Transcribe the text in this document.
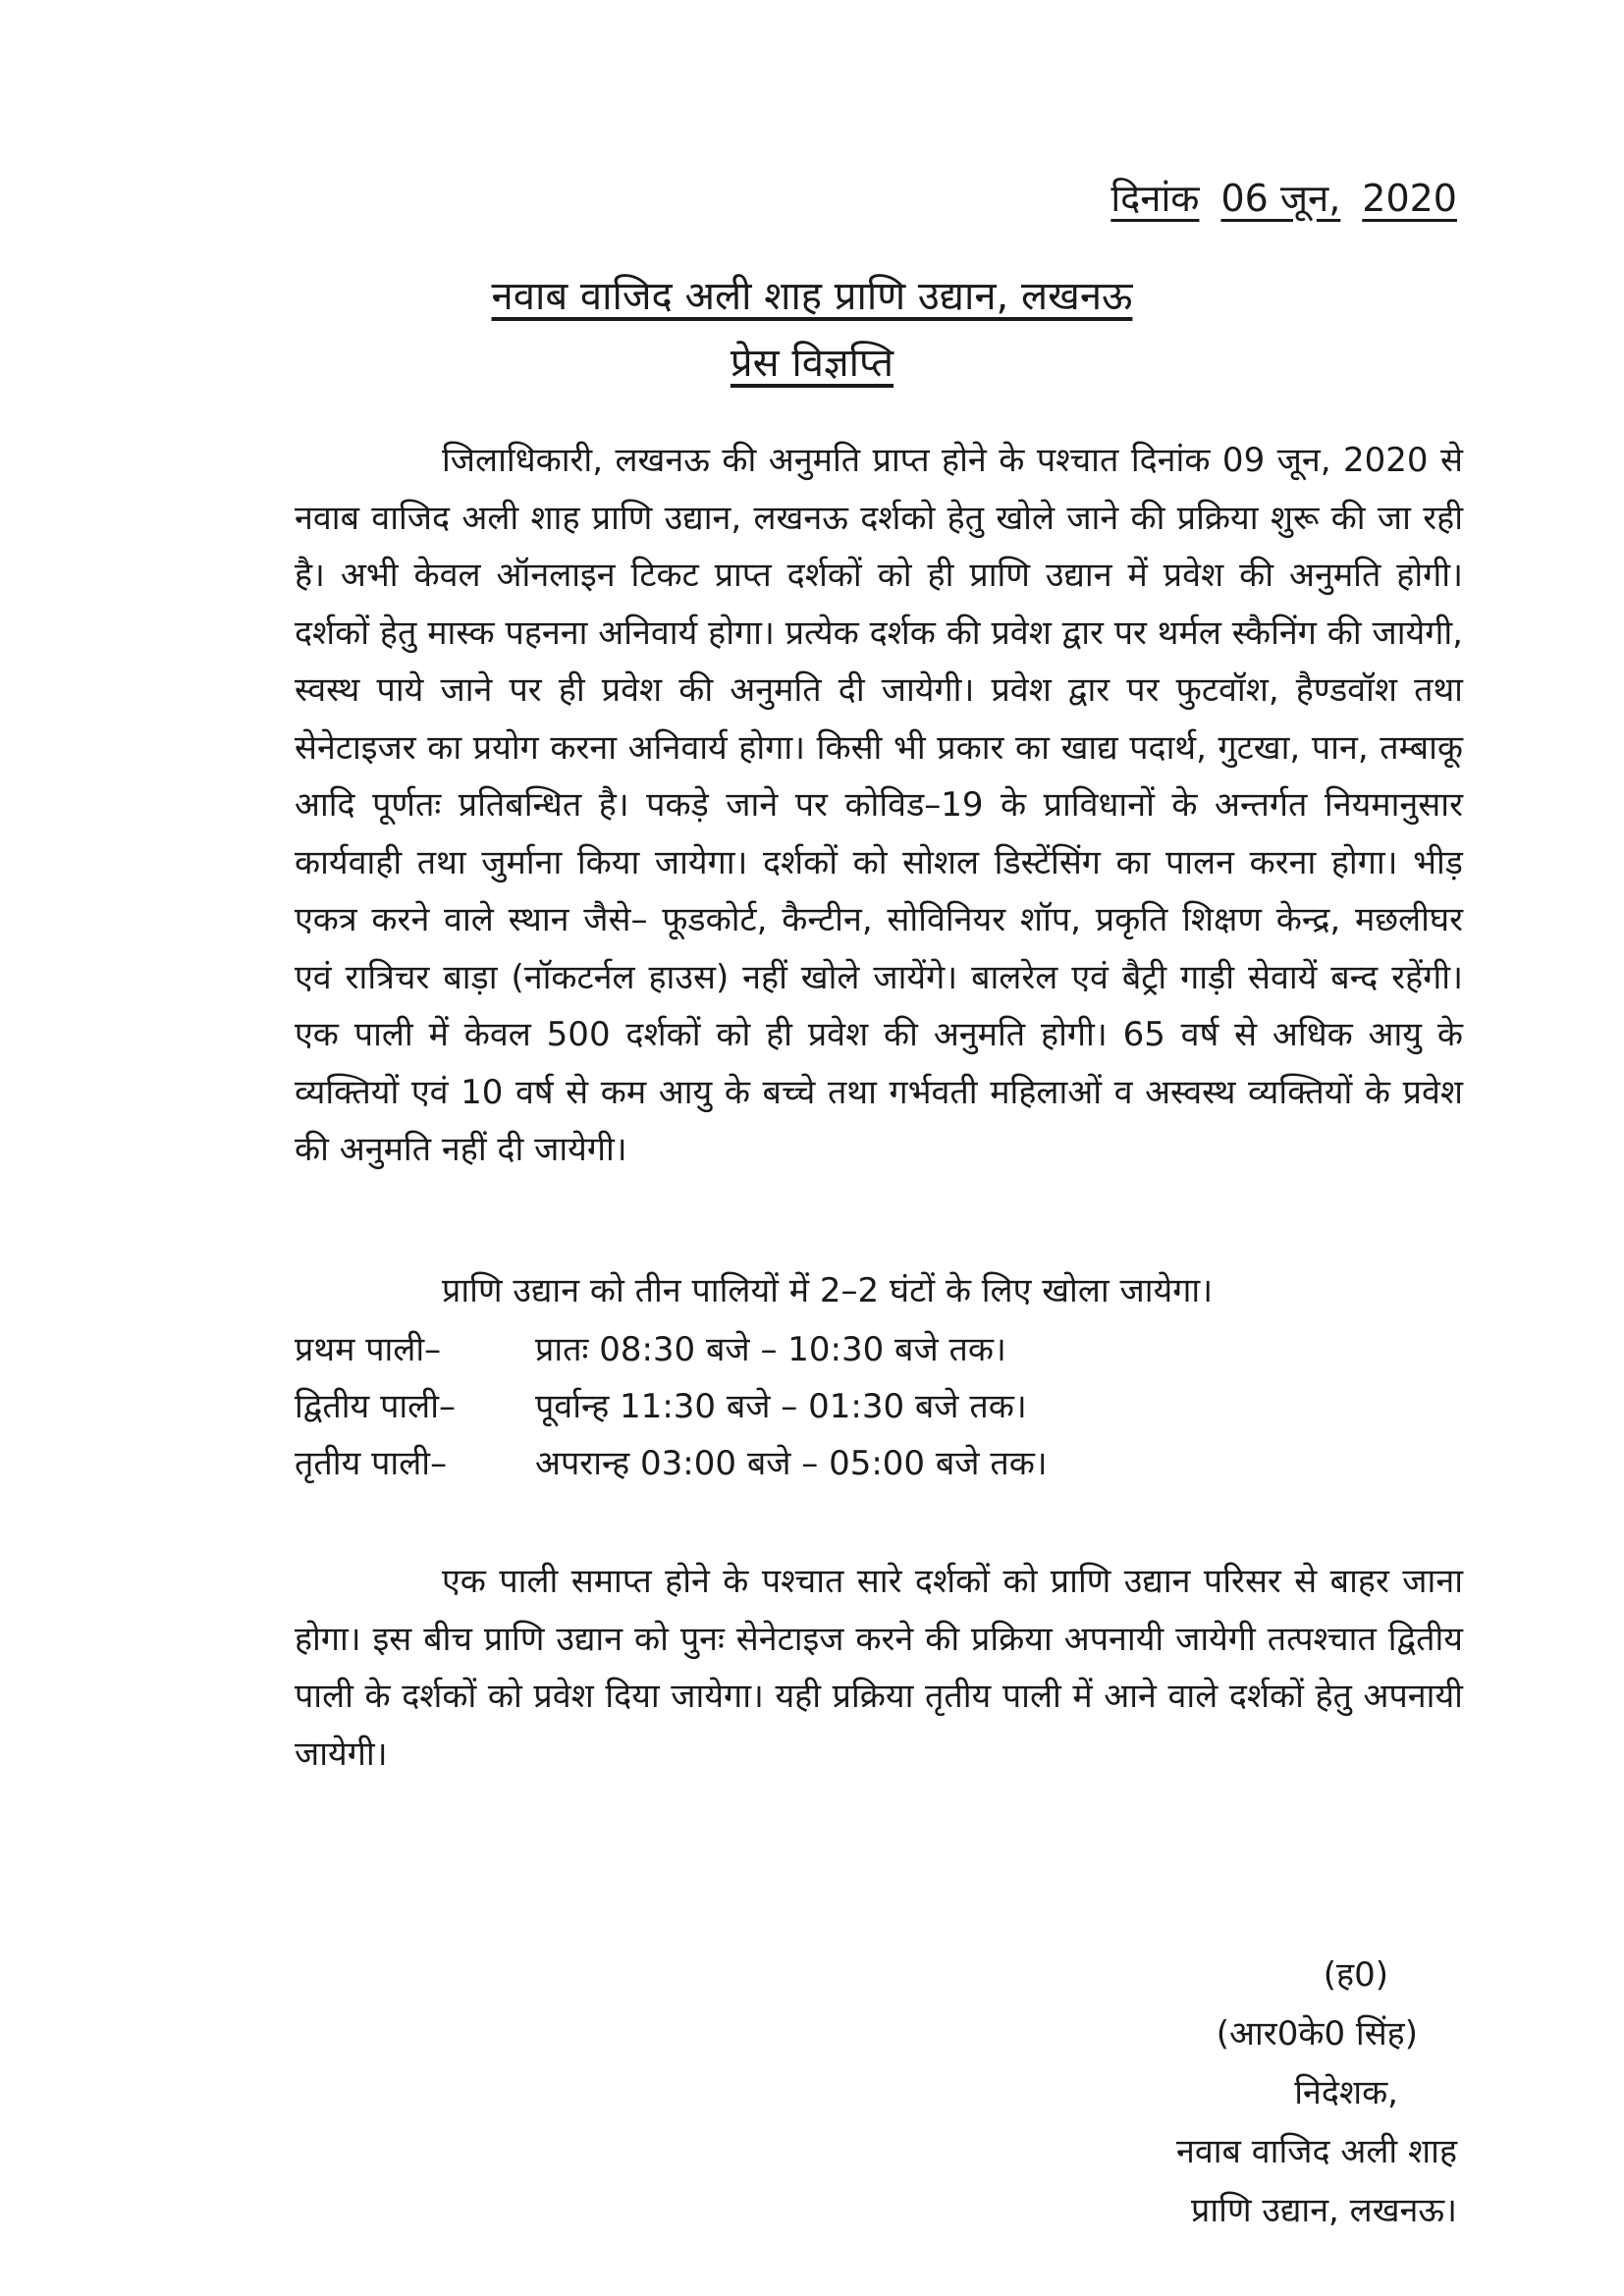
दिनांक 06 जून, 2020
नवाब वाजिद अली शाह प्राणि उद्यान, लखनऊ
प्रेस विज्ञप्ति

जिलाधिकारी, लखनऊ की अनुमति प्राप्त होने के पश्चात दिनांक 09 जून, 2020 से नवाब वाजिद अली शाह प्राणि उद्यान, लखनऊ दर्शको हेतु खोले जाने की प्रक्रिया शुरू की जा रही है। अभी केवल ऑनलाइन टिकट प्राप्त दर्शकों को ही प्राणि उद्यान में प्रवेश की अनुमति होगी। दर्शकों हेतु मास्क पहनना अनिवार्य होगा। प्रत्येक दर्शक की प्रवेश द्वार पर थर्मल स्कैनिंग की जायेगी, स्वस्थ पाये जाने पर ही प्रवेश की अनुमति दी जायेगी। प्रवेश द्वार पर फुटवॉश, हैण्डवॉश तथा सेनेटाइजर का प्रयोग करना अनिवार्य होगा। किसी भी प्रकार का खाद्य पदार्थ, गुटखा, पान, तम्बाकू आदि पूर्णतः प्रतिबन्धित है। पकड़े जाने पर कोविड–19 के प्राविधानों के अन्तर्गत नियमानुसार कार्यवाही तथा जुर्माना किया जायेगा। दर्शकों को सोशल डिस्टेंसिंग का पालन करना होगा। भीड़ एकत्र करने वाले स्थान जैसे– फूडकोर्ट, कैन्टीन, सोविनियर शॉप, प्रकृति शिक्षण केन्द्र, मछलीघर एवं रात्रिचर बाड़ा (नॉकटर्नल हाउस) नहीं खोले जायेंगे। बालरेल एवं बैट्री गाड़ी सेवायें बन्द रहेंगी। एक पाली में केवल 500 दर्शकों को ही प्रवेश की अनुमति होगी। 65 वर्ष से अधिक आयु के व्यक्तियों एवं 10 वर्ष से कम आयु के बच्चे तथा गर्भवती महिलाओं व अस्वस्थ व्यक्तियों के प्रवेश की अनुमति नहीं दी जायेगी।

प्राणि उद्यान को तीन पालियों में 2–2 घंटों के लिए खोला जायेगा।
प्रथम पाली–	प्रातः 08:30 बजे – 10:30 बजे तक।
द्वितीय पाली– पूर्वान्ह 11:30 बजे – 01:30 बजे तक।
तृतीय पाली–	अपरान्ह 03:00 बजे – 05:00 बजे तक।

एक पाली समाप्त होने के पश्चात सारे दर्शकों को प्राणि उद्यान परिसर से बाहर जाना होगा। इस बीच प्राणि उद्यान को पुनः सेनेटाइज करने की प्रक्रिया अपनायी जायेगी तत्पश्चात द्वितीय पाली के दर्शकों को प्रवेश दिया जायेगा। यही प्रक्रिया तृतीय पाली में आने वाले दर्शकों हेतु अपनायी जायेगी।

(ह0)
(आर0के0 सिंह)
निदेशक,
नवाब वाजिद अली शाह
प्राणि उद्यान, लखनऊ।
